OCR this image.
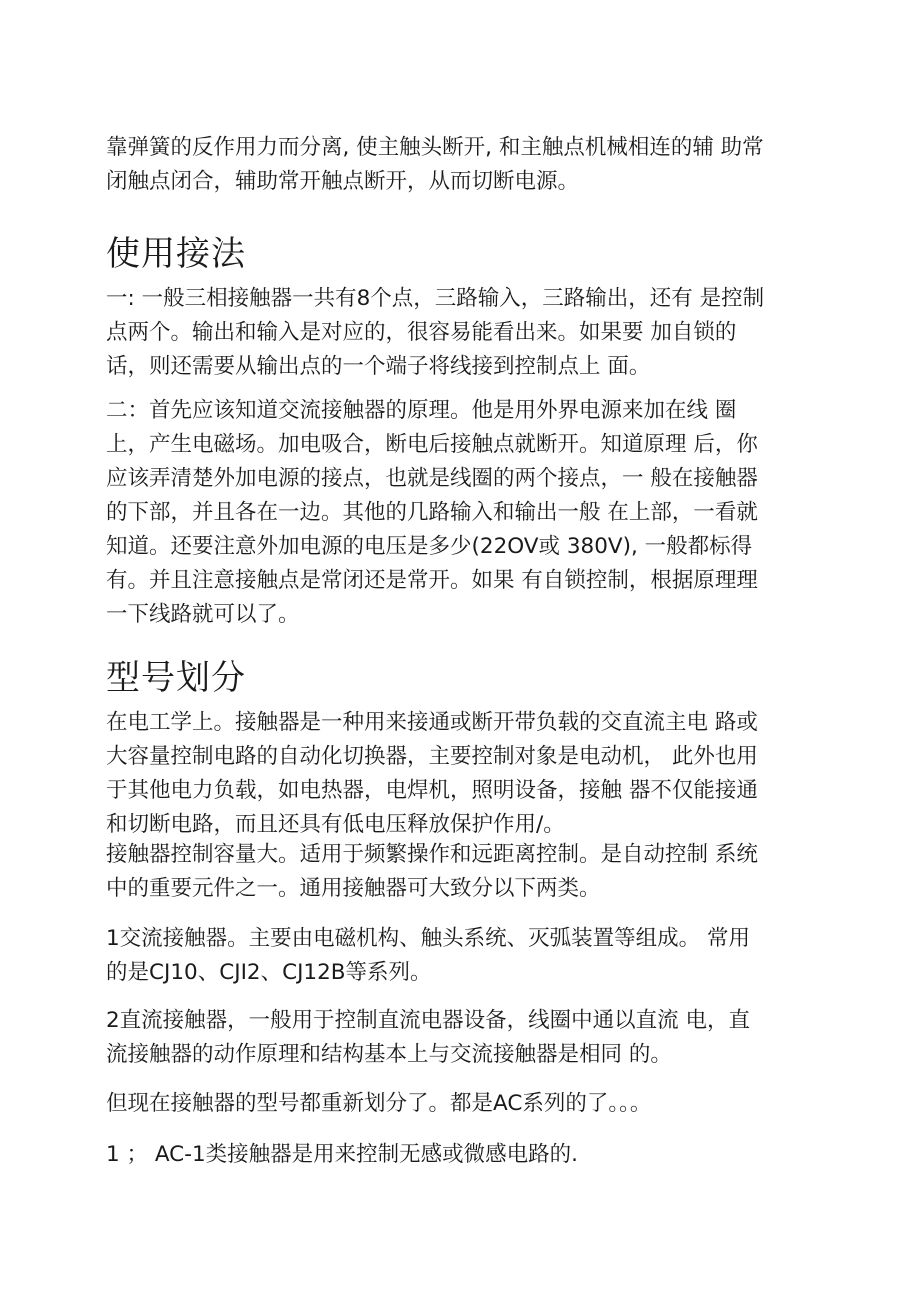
靠弹簧的反作用力而分离, 使主触头断开, 和主触点机械相连的辅 助常
闭触点闭合，辅助常开触点断开，从而切断电源。
使用接法
一: 一般三相接触器一共有8个点，三路输入，三路输出，还有 是控制
点两个。输出和输入是对应的，很容易能看出来。如果要 加自锁的
话，则还需要从输出点的一个端子将线接到控制点上 面。
二：首先应该知道交流接触器的原理。他是用外界电源来加在线 圈
上，产生电磁场。加电吸合，断电后接触点就断开。知道原理 后，你
应该弄清楚外加电源的接点，也就是线圈的两个接点，一 般在接触器
的下部，并且各在一边。其他的几路输入和输出一般 在上部，一看就
知道。还要注意外加电源的电压是多少(22OV或 380V), 一般都标得
有。并且注意接触点是常闭还是常开。如果 有自锁控制，根据原理理
一下线路就可以了。
型号划分
在电工学上。接触器是一种用来接通或断开带负载的交直流主电 路或
大容量控制电路的自动化切换器，主要控制对象是电动机， 此外也用
于其他电力负载，如电热器，电焊机，照明设备，接触 器不仅能接通
和切断电路，而且还具有低电压释放保护作用/。
接触器控制容量大。适用于频繁操作和远距离控制。是自动控制 系统
中的重要元件之一。通用接触器可大致分以下两类。
1交流接触器。主要由电磁机构、触头系统、灭弧装置等组成。 常用
的是CJ10、CJI2、CJ12B等系列。
2直流接触器，一般用于控制直流电器设备，线圈中通以直流 电，直
流接触器的动作原理和结构基本上与交流接触器是相同 的。
但现在接触器的型号都重新划分了。都是AC系列的了。。。
1 ； AC-1类接触器是用来控制无感或微感电路的.
